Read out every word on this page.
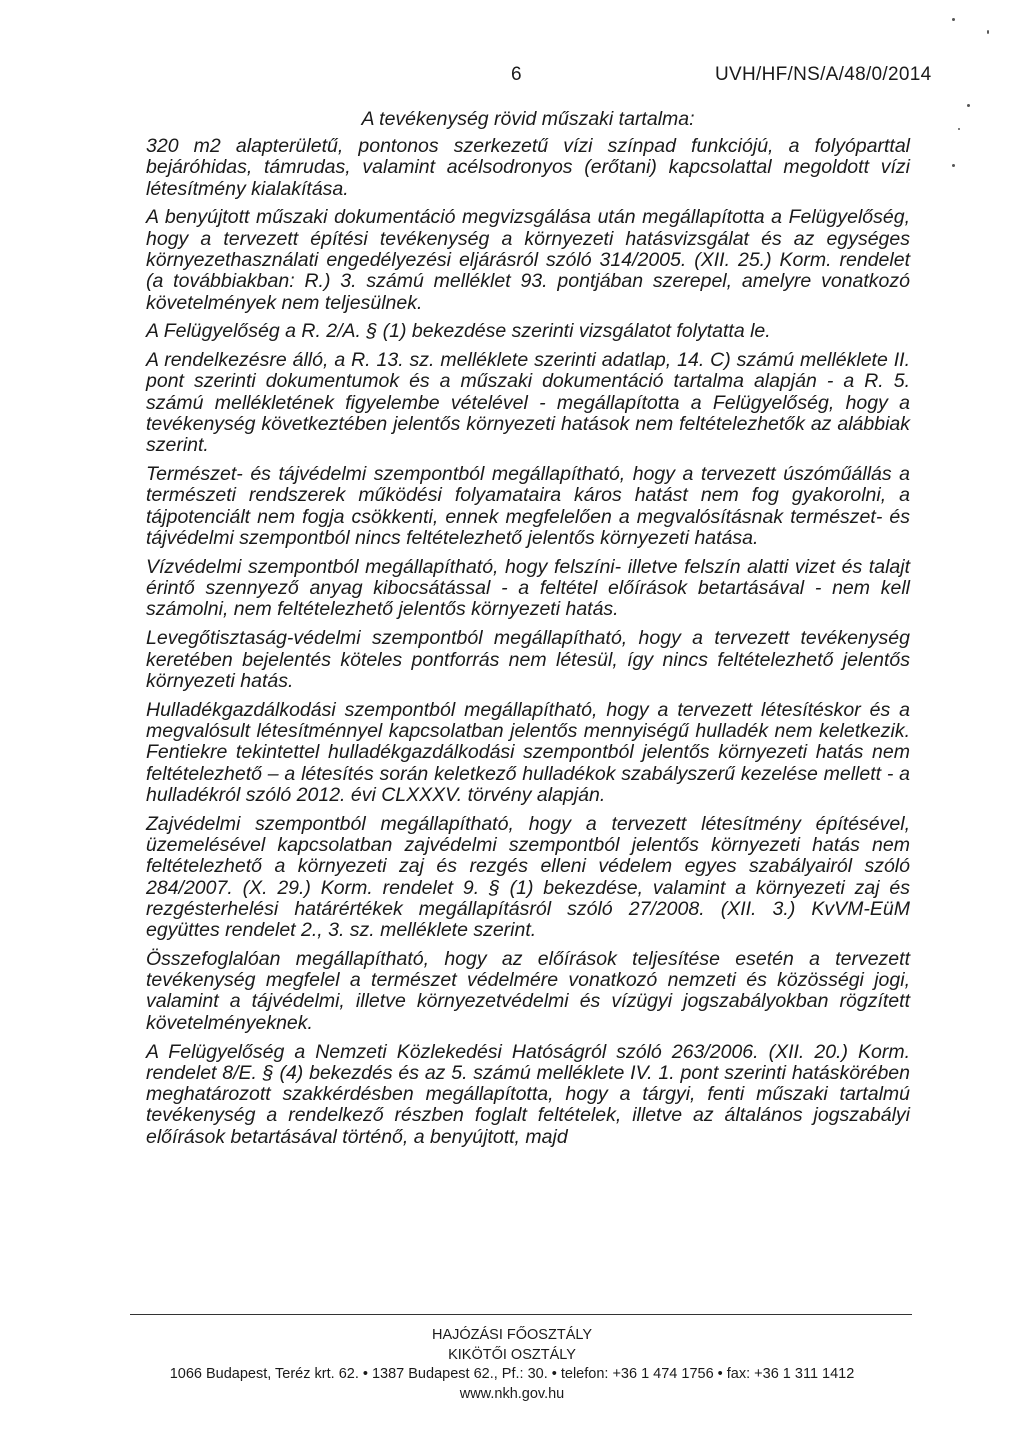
6	UVH/HF/NS/A/48/0/2014
A tevékenység rövid műszaki tartalma:

320 m2 alapterületű, pontonos szerkezetű vízi színpad funkciójú, a folyóparttal bejáróhidas, támrudas, valamint acélsodronyos (erőtani) kapcsolattal megoldott vízi létesítmény kialakítása.

A benyújtott műszaki dokumentáció megvizsgálása után megállapította a Felügyelőség, hogy a tervezett építési tevékenység a környezeti hatásvizsgálat és az egységes környezethasználati engedélyezési eljárásról szóló 314/2005. (XII. 25.) Korm. rendelet (a továbbiakban: R.) 3. számú melléklet 93. pontjában szerepel, amelyre vonatkozó követelmények nem teljesülnek.

A Felügyelőség a R. 2/A. § (1) bekezdése szerinti vizsgálatot folytatta le.

A rendelkezésre álló, a R. 13. sz. melléklete szerinti adatlap, 14. C) számú melléklete II. pont szerinti dokumentumok és a műszaki dokumentáció tartalma alapján - a R. 5. számú mellékletének figyelembe vételével - megállapította a Felügyelőség, hogy a tevékenység következtében jelentős környezeti hatások nem feltételezhetők az alábbiak szerint.

Természet- és tájvédelmi szempontból megállapítható, hogy a tervezett úszóműállás a természeti rendszerek működési folyamataira káros hatást nem fog gyakorolni, a tájpotenciált nem fogja csökkenti, ennek megfelelően a megvalósításnak természet- és tájvédelmi szempontból nincs feltételezhető jelentős környezeti hatása.

Vízvédelmi szempontból megállapítható, hogy felszíni- illetve felszín alatti vizet és talajt érintő szennyező anyag kibocsátással - a feltétel előírások betartásával - nem kell számolni, nem feltételezhető jelentős környezeti hatás.

Levegőtisztaság-védelmi szempontból megállapítható, hogy a tervezett tevékenység keretében bejelentés köteles pontforrás nem létesül, így nincs feltételezhető jelentős környezeti hatás.

Hulladékgazdálkodási szempontból megállapítható, hogy a tervezett létesítéskor és a megvalósult létesítménnyel kapcsolatban jelentős mennyiségű hulladék nem keletkezik. Fentiekre tekintettel hulladékgazdálkodási szempontból jelentős környezeti hatás nem feltételezhető – a létesítés során keletkező hulladékok szabályszerű kezelése mellett - a hulladékról szóló 2012. évi CLXXXV. törvény alapján.

Zajvédelmi szempontból megállapítható, hogy a tervezett létesítmény építésével, üzemelésével kapcsolatban zajvédelmi szempontból jelentős környezeti hatás nem feltételezhető a környezeti zaj és rezgés elleni védelem egyes szabályairól szóló 284/2007. (X. 29.) Korm. rendelet 9. § (1) bekezdése, valamint a környezeti zaj és rezgésterhelési határértékek megállapításról szóló 27/2008. (XII. 3.) KvVM-EüM együttes rendelet 2., 3. sz. melléklete szerint.

Összefoglalóan megállapítható, hogy az előírások teljesítése esetén a tervezett tevékenység megfelel a természet védelmére vonatkozó nemzeti és közösségi jogi, valamint a tájvédelmi, illetve környezetvédelmi és vízügyi jogszabályokban rögzített követelményeknek.

A Felügyelőség a Nemzeti Közlekedési Hatóságról szóló 263/2006. (XII. 20.) Korm. rendelet 8/E. § (4) bekezdés és az 5. számú melléklete IV. 1. pont szerinti hatáskörében meghatározott szakkérdésben megállapította, hogy a tárgyi, fenti műszaki tartalmú tevékenység a rendelkező részben foglalt feltételek, illetve az általános jogszabályi előírások betartásával történő, a benyújtott, majd

HAJÓZÁSI FŐOSZTÁLY
KIKÖTŐI OSZTÁLY
1066 Budapest, Teréz krt. 62. • 1387 Budapest 62., Pf.: 30. • telefon: +36 1 474 1756 • fax: +36 1 311 1412
www.nkh.gov.hu
